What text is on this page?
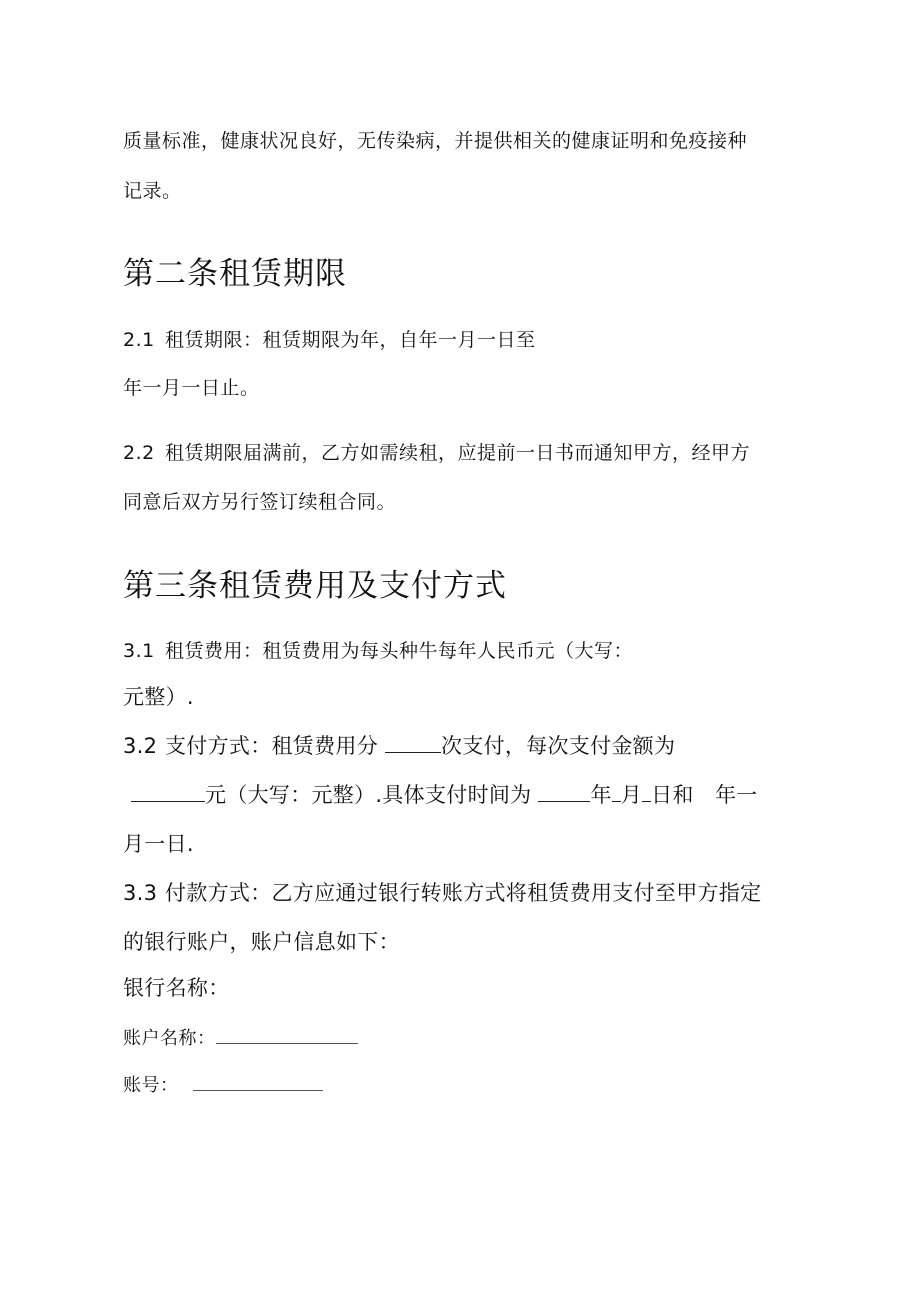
质量标准，健康状况良好，无传染病，并提供相关的健康证明和免疫接种

记录。

第二条租赁期限

2.1 租赁期限：租赁期限为年，自年一月一日至

年一月一日止。

2.2 租赁期限届满前，乙方如需续租，应提前一日书而通知甲方，经甲方

同意后双方另行签订续租合同。

第三条租赁费用及支付方式

3.1 租赁费用：租赁费用为每头种牛每年人民币元（大写：

元整）.

3.2 支付方式：租赁费用分	次支付，每次支付金额为

元（大写：元整）.具体支付时间为	年 月 日和　年一

月一日.

3.3 付款方式：乙方应通过银行转账方式将租赁费用支付至甲方指定

的银行账户，账户信息如下：

银行名称：

账户名称：

账号：
